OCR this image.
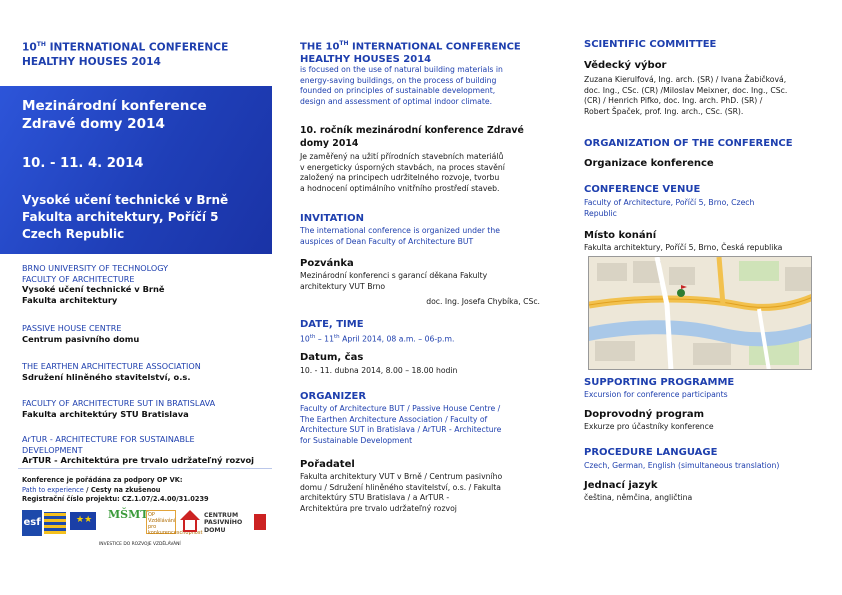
10TH INTERNATIONAL CONFERENCE
HEALTHY HOUSES 2014
Mezinárodní konference
Zdravé domy 2014
10. - 11. 4. 2014
Vysoké učení technické v Brně
Fakulta architektury, Poříčí 5
Czech Republic
BRNO UNIVERSITY OF TECHNOLOGY
FACULTY OF ARCHITECTURE
Vysoké učení technické v Brně
Fakulta architektury
PASSIVE HOUSE CENTRE
Centrum pasivního domu
THE EARTHEN ARCHITECTURE ASSOCIATION
Sdružení hliněného stavitelství, o.s.
FACULTY OF ARCHITECTURE SUT IN BRATISLAVA
Fakulta architektúry STU Bratislava
ArTUR - ARCHITECTURE FOR SUSTAINABLE
DEVELOPMENT
ArTUR - Architektúra pre trvalo udržateľný rozvoj
Konference je pořádána za podpory OP VK:
Path to experience / Cesty na zkušenou
Registrační číslo projektu: CZ.1.07/2.4.00/31.0239
esf	★★ MŠMT OP Vzdělávání pro konkurenceschopnost
CENTRUM
PASIVNÍHO
DOMU
INVESTICE DO ROZVOJE VZDĚLÁVÁNÍ
THE 10TH INTERNATIONAL CONFERENCE
HEALTHY HOUSES 2014
is focused on the use of natural building materials in
energy-saving buildings, on the process of building
founded on principles of sustainable development,
design and assessment of optimal indoor climate.
10. ročník mezinárodní konference Zdravé
domy 2014
Je zaměřený na užití přírodních stavebních materiálů
v energeticky úsporných stavbách, na proces stavění
založený na principech udržitelného rozvoje, tvorbu
a hodnocení optimálního vnitřního prostředí staveb.
INVITATION
The international conference is organized under the
auspices of Dean Faculty of Architecture BUT
Pozvánka
Mezinárodní konferenci s garancí děkana Fakulty
architektury VUT Brno
doc. Ing. Josefa Chybíka, CSc.
DATE, TIME
10th – 11th April 2014, 08 a.m. – 06-p.m.
Datum, čas
10. - 11. dubna 2014, 8.00 – 18.00 hodin
ORGANIZER
Faculty of Architecture BUT / Passive House Centre /
The Earthen Architecture Association / Faculty of
Architecture SUT in Bratislava / ArTUR - Architecture
for Sustainable Development
Pořadatel
Fakulta architektury VUT v Brně / Centrum pasivního
domu / Sdružení hliněného stavitelství, o.s. / Fakulta
architektúry STU Bratislava / a ArTUR -
Architektúra pre trvalo udržateľný rozvoj
SCIENTIFIC COMMITTEE
Vědecký výbor
Zuzana Kierulfová, Ing. arch. (SR) / Ivana Žabičková,
doc. Ing., CSc. (CR) /Miloslav Meixner, doc. Ing., CSc.
(CR) / Henrich Pifko, doc. Ing. arch. PhD. (SR) /
Robert Špaček, prof. Ing. arch., CSc. (SR).
ORGANIZATION OF THE CONFERENCE
Organizace konference
CONFERENCE VENUE
Faculty of Architecture, Poříčí 5, Brno, Czech
Republic
Místo konání
Fakulta architektury, Poříčí 5, Brno, Česká republika
SUPPORTING PROGRAMME
Excursion for conference participants
Doprovodný program
Exkurze pro účastníky konference
PROCEDURE LANGUAGE
Czech, German, English (simultaneous translation)
Jednací jazyk
čeština, němčina, angličtina
